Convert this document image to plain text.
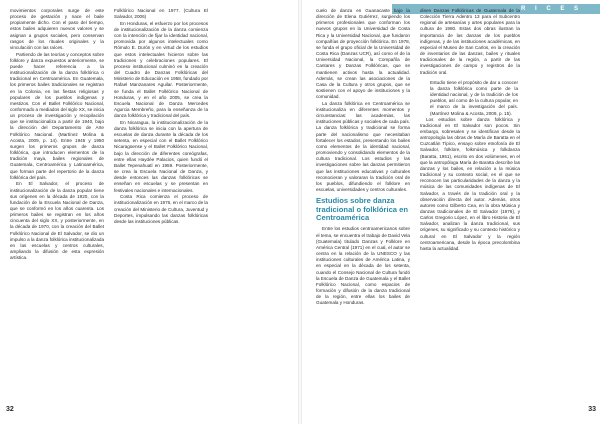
R I C E S

movimientos corporales surge de este proceso de gestación y nace el baile propiamente dicho. Con el paso del tiempo, estos bailes adquieren nuevos valores y se asignan a grupos sociales, pero conservan rasgos de los rituales originales y la vinculación con las raíces.

Partiendo de las teorías y conceptos sobre folklore y danza expuestos anteriormente, se puede hacer referencia a la institucionalización de la danza folklórica o tradicional en Centroamérica. En Guatemala, los primeros bailes tradicionales se registran en la Colonia, en las fiestas religiosas y populares de los pueblos indígenas y mestizos. Con el Ballet Folklórico Nacional, conformado a mediados del siglo XX, se inicia un proceso de investigación y recopilación que se institucionaliza a partir de 1940, bajo la dirección del Departamento de Arte Folklórico Nacional. (Martínez Molina & Acosta, 2009, p. 14). Entre 1945 y 1950 surgen los primeros grupos de danza folklórica, que introducen elementos de la tradición maya, bailes regionales de Guatemala, Centroamérica y Latinoamérica, que forman parte del repertorio de la danza folklórica del país.

En El Salvador, el proceso de institucionalización de la danza popular tiene sus orígenes en la década de 1920, con la fundación de la Escuela Nacional de Danza, que se conformó en los años cuarenta. Los primeros bailes se registran en los años cincuenta del siglo XX, y posteriormente, en la década de 1970, con la creación del Ballet Folklórico Nacional de El Salvador, se dio un impulso a la danza folklórica institucionalizada en las escuelas y centros culturales, ampliando la difusión de esta expresión artística.

Folklórico Nacional en 1977. (Cultura El Salvador, 2006)

En Honduras, el esfuerzo por los procesos de institucionalización de la danza comienza con la intención de fijar la identidad nacional, promovida por algunos intelectuales como Rómulo E. Durón y en virtud de los estudios que estos intelectuales hicieron sobre las tradiciones y celebraciones populares. El proceso institucional culminó en la creación del Cuadro de Danzas Folklóricas del Ministerio de Educación en 1958, fundado por Rafael Manzanares Aguilar. Posteriormente, se funda el Ballet Folklórico Nacional de Honduras, y en el año 2005, se crea la Escuela Nacional de Danza Mercedes Agurcia Membreño, para la enseñanza de la danza folklórica y tradicional del país.

En Nicaragua, la institucionalización de la danza folklórica se inicia con la apertura de escuelas de danza durante la década de los setenta, en especial con el Ballet Folklórico Nicaragüense y el Ballet Folklórico Nacional, bajo la dirección de diferentes coreógrafas, entre ellas Haydée Palacios, quien fundó el Ballet Tepenahuatl en 1959. Posteriormente, se crea la Escuela Nacional de Danza, y desde entonces las danzas folklóricas se enseñan en escuelas y se presentan en festivales nacionales e internacionales.

Costa Rica comienza el proceso de institucionalización en 1976, en el marco de la creación del Ministerio de Cultura, Juventud y Deportes, impulsando las danzas folklóricas desde las instituciones públicas.

cuelo de danza en Guanacaste bajo la dirección de Elena Gutiérrez, surgiendo los primeros profesionales que conforman los nuevos grupos en la Universidad de Costa Rica y la Universidad Nacional, que fundaron compañías de proyección folklórica. En 1978, se funda el grupo oficial de la Universidad de Costa Rica (Danzas UCR), así como el de la Universidad Nacional, la Compañía de Cantares y Danzas Folklóricas, que se mantienen activos hasta la actualidad. Además, se crean las asociaciones de la Casa de la Cultura y otros grupos, que se sostienen con el apoyo de instituciones y la comunidad.

La danza folklórica en Centroamérica se institucionaliza en diferentes momentos y circunstancias: las academias, las instituciones públicas y sociales de cada país. La danza folklórica y tradicional se forma parte del nacionalismo que necesitaban fortalecer los estados, presentando los bailes como elementos de la identidad nacional, promoviendo y consolidando elementos de la cultura tradicional. Los estudios y las investigaciones sobre las danzas permitieron que las instituciones educativas y culturales reconocieran y valoraran la tradición oral de los pueblos, difundiendo el folklore en escuelas, universidades y centros culturales.

Estudios sobre danza tradicional o folklórica en Centroamérica

Entre los estudios centroamericanos sobre el tema, se encuentra el trabajo de David Vela (Guatemala) titulado Danzas y Folklore en América Central (1971) en el cual, el autor se centra en la relación de la UNESCO y las instituciones culturales de América Latina, y en especial en la década de los setenta, cuando el Consejo Nacional de Cultura fundó la Escuela de Danza de Guatemala y el Ballet Folklórico Nacional, como espacios de formación y difusión de la danza tradicional de la región, entre ellas los bailes de Guatemala y Honduras.

dinen Danzas Folklóricas de Guatemala de la Colección Tierra Adentro 13 para el Subcentro regional de artesanías y artes populares para la cultura de 1980. Estas dos obras ilustran la importancia de las danzas de los pueblos indígenas, y de las instituciones académicas, en especial el Museo de San Carlos, en la creación de inventarios de las danzas, bailes y rituales tradicionales de la región, a partir de las investigaciones de campo y registros de la tradición oral.

Estudio tiene el propósito de dar a conocer la danza folklórica como parte de la identidad nacional, y de la tradición de los pueblos, así como de la cultura popular, en el marco de la investigación del país. (Martínez Molina & Acosta, 2009, p. 15).

Los estudios sobre danza folklórica y tradicional en El Salvador son pocos. Sin embargo, sobresalen y se identifican desde la antropología las obras de María de Baratta en el Cuzcatlán Típico, ensayo sobre etnofonía de El Salvador, folklore, folkmúsica y folkdanza (Baratta, 1951), escrito en dos volúmenes, en el que la antropóloga María de Baratta describe las danzas y los bailes, en relación a la música tradicional y su contexto social, en el que se reconocen las particularidades de la danza y la música de las comunidades indígenas de El Salvador, a través de la tradición oral y la observación directa del autor. Además, otros autores como Gilberto Cea, en la obra Música y danzas tradicionales de El Salvador (1976), y Carlos Gregorio López, en el libro Historia de El Salvador, analizan la danza tradicional, sus orígenes, su significado y su contexto histórico y cultural en El Salvador y la región centroamericana, desde la época precolombina hasta la actualidad.

32	33
